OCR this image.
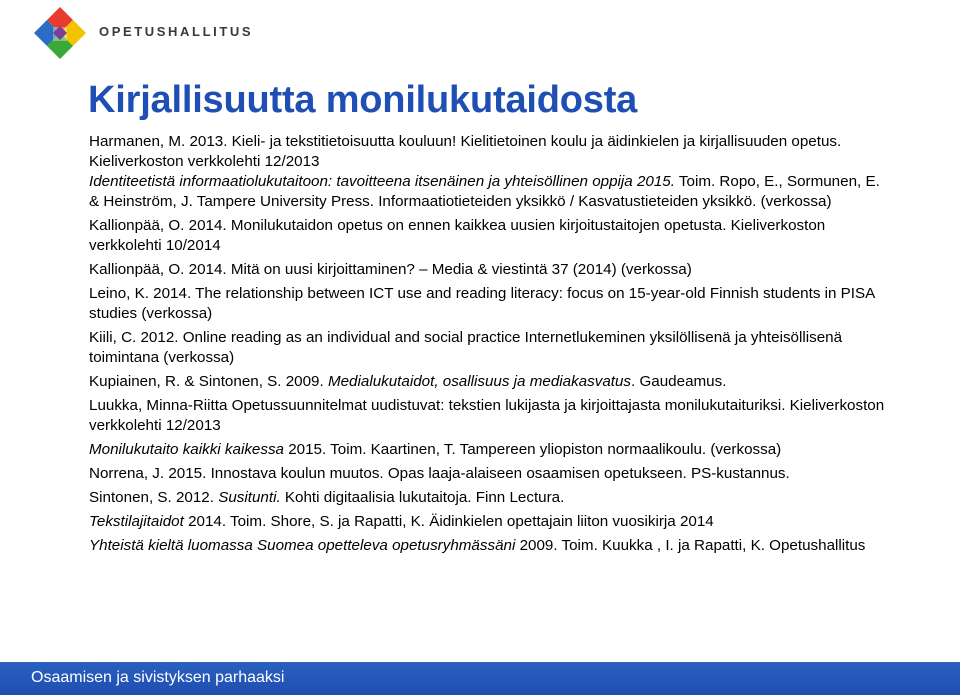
OPETUSHALLITUS
Kirjallisuutta monilukutaidosta

Harmanen, M. 2013. Kieli- ja tekstitietoisuutta kouluun! Kielitietoinen koulu ja äidinkielen ja kirjallisuuden opetus. Kieliverkoston verkkolehti 12/2013

Identiteetistä informaatiolukutaitoon: tavoitteena itsenäinen ja yhteisöllinen oppija 2015. Toim. Ropo, E., Sormunen, E. & Heinström, J. Tampere University Press. Informaatiotieteiden yksikkö / Kasvatustieteiden yksikkö. (verkossa)

Kallionpää, O. 2014. Monilukutaidon opetus on ennen kaikkea uusien kirjoitustaitojen opetusta. Kieliverkoston verkkolehti 10/2014

Kallionpää, O. 2014. Mitä on uusi kirjoittaminen? – Media & viestintä 37 (2014) (verkossa)

Leino, K. 2014. The relationship between ICT use and reading literacy: focus on 15-year-old Finnish students in PISA studies (verkossa)

Kiili, C. 2012. Online reading as an individual and social practice Internetlukeminen yksilöllisenä ja yhteisöllisenä toimintana (verkossa)

Kupiainen, R. & Sintonen, S. 2009. Medialukutaidot, osallisuus ja mediakasvatus. Gaudeamus.

Luukka, Minna-Riitta Opetussuunnitelmat uudistuvat: tekstien lukijasta ja kirjoittajasta monilukutaituriksi. Kieliverkoston verkkolehti 12/2013

Monilukutaito kaikki kaikessa 2015. Toim. Kaartinen, T. Tampereen yliopiston normaalikoulu. (verkossa)

Norrena, J. 2015. Innostava koulun muutos. Opas laaja-alaiseen osaamisen opetukseen. PS-kustannus.

Sintonen, S. 2012. Susitunti. Kohti digitaalisia lukutaitoja. Finn Lectura.

Tekstilajitaidot 2014. Toim. Shore, S. ja Rapatti, K. Äidinkielen opettajain liiton vuosikirja 2014

Yhteistä kieltä luomassa Suomea opetteleva opetusryhmässäni 2009. Toim. Kuukka , I. ja Rapatti, K. Opetushallitus

Osaamisen ja sivistyksen parhaaksi
